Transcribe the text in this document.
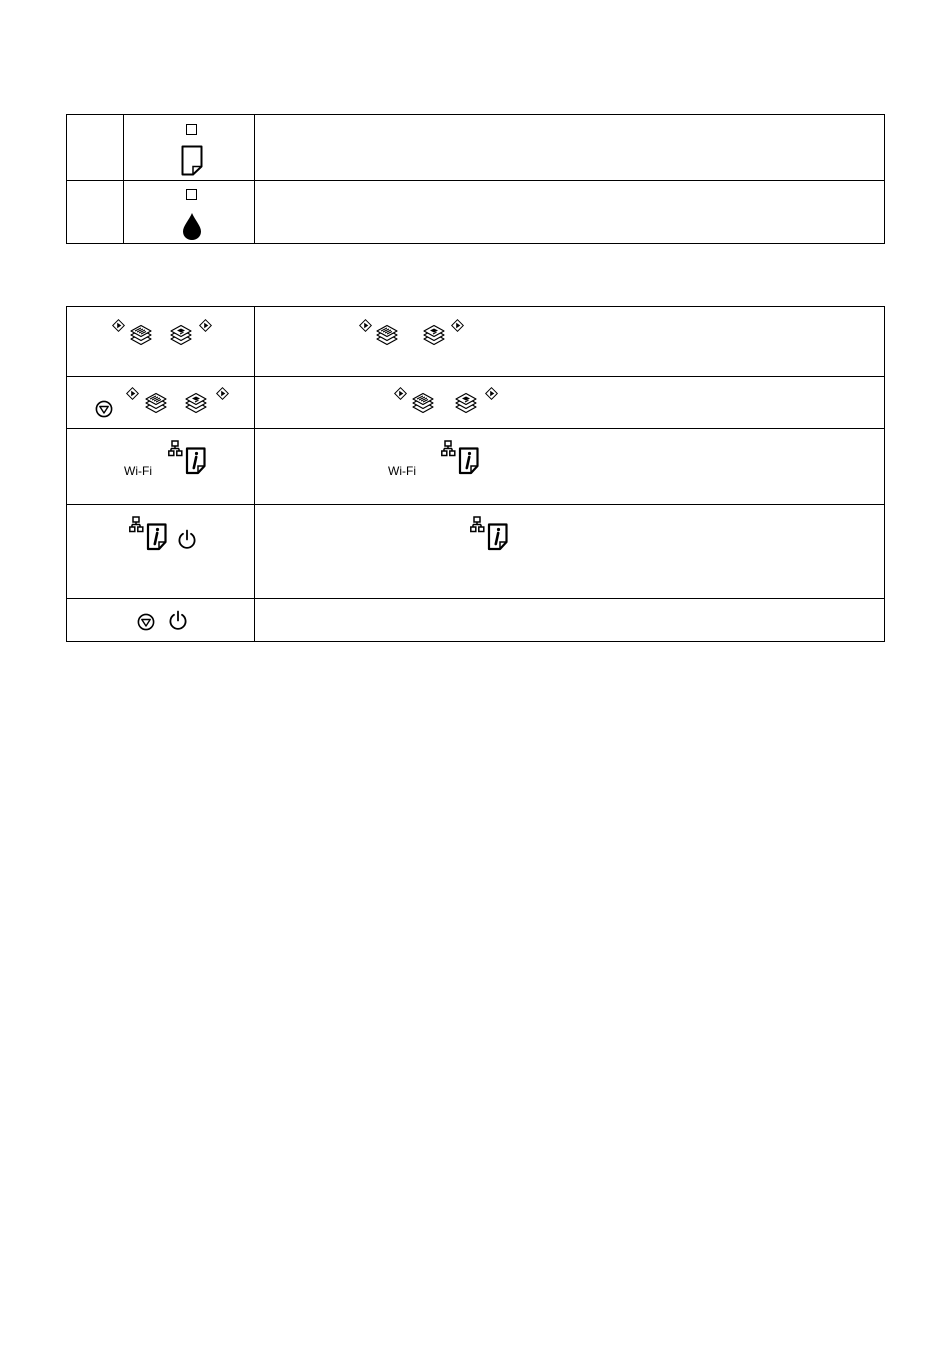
Wi-Fi	Wi-Fi
